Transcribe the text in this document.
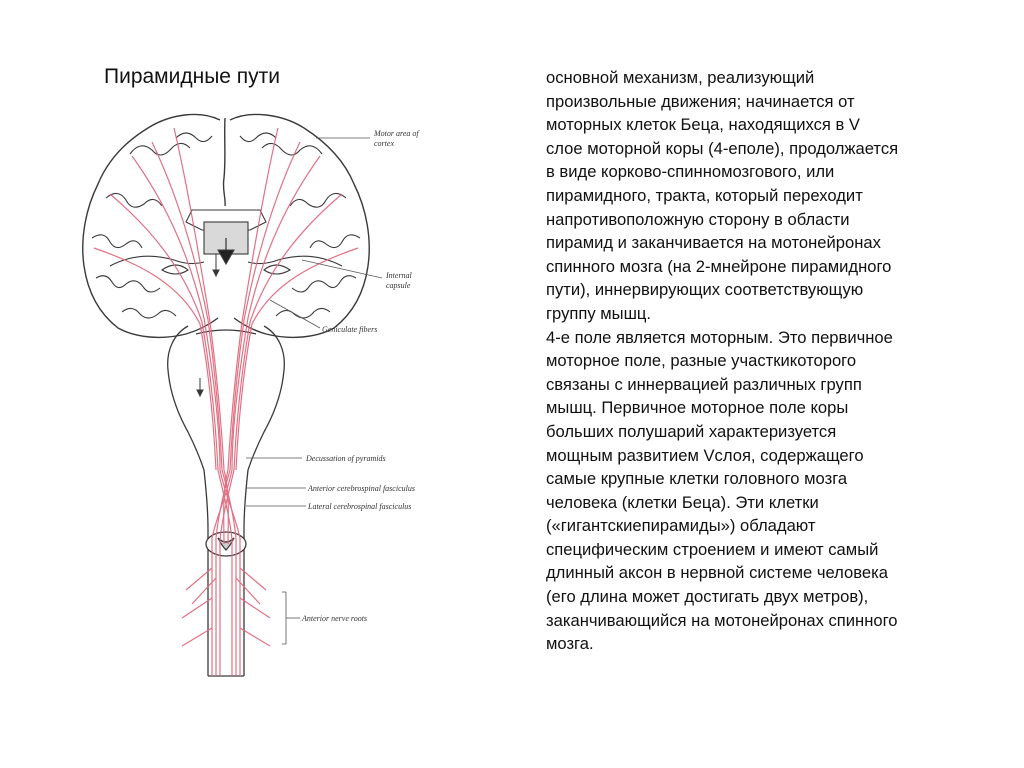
Пирамидные пути
Motor area of
cortex
Internal
capsule
Geniculate fibers
Decussation of pyramids
Anterior cerebrospinal fasciculus
Lateral cerebrospinal fasciculus
Anterior nerve roots

основной механизм, реализующий
произвольные движения; начинается от
моторных клеток Беца, находящихся в V
слое моторной коры (4-еполе), продолжается
в виде корково-спинномозгового, или
пирамидного, тракта, который переходит
напротивоположную сторону в области
пирамид и заканчивается на мотонейронах
спинного мозга (на 2-мнейроне пирамидного
пути), иннервирующих соответствующую
группу мышц.

4-е поле является моторным. Это первичное
моторное поле, разные участкикоторого
связаны с иннервацией различных групп
мышц. Первичное моторное поле коры
больших полушарий характеризуется
мощным развитием Vслоя, содержащего
самые крупные клетки головного мозга
человека (клетки Беца). Эти клетки
(«гигантскиепирамиды») обладают
специфическим строением и имеют самый
длинный аксон в нервной системе человека
(его длина может достигать двух метров),
заканчивающийся на мотонейронах спинного
мозга.
